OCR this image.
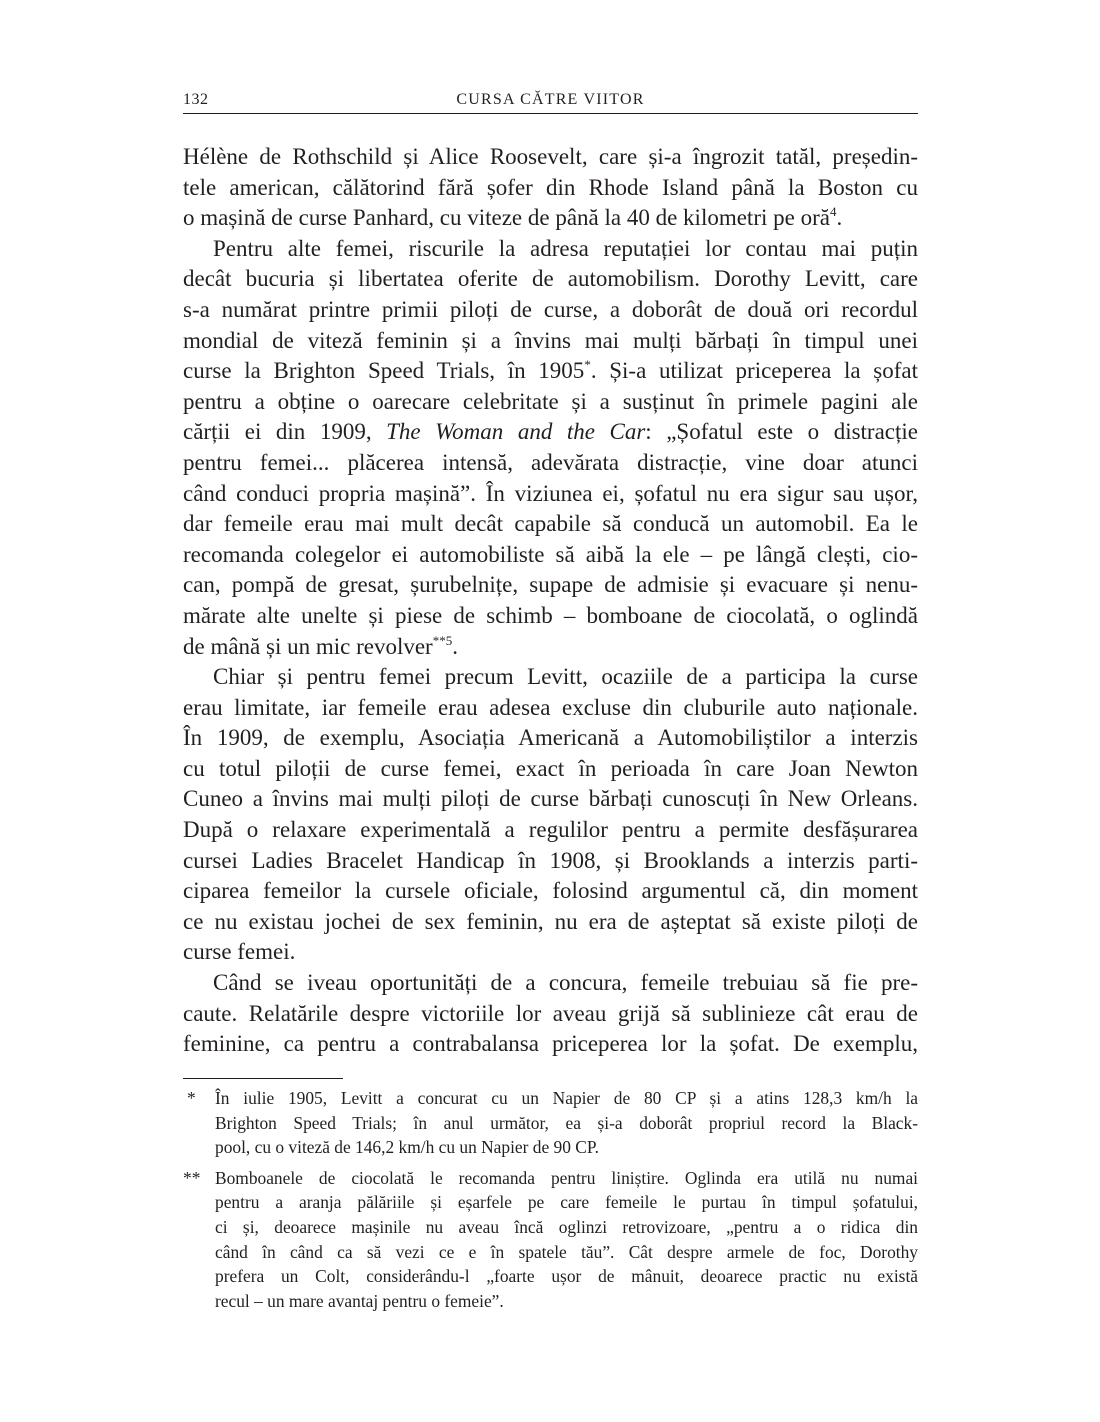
132	CURSA CĂTRE VIITOR
Hélène de Rothschild și Alice Roosevelt, care și-a îngrozit tatăl, președin-
tele american, călătorind fără șofer din Rhode Island până la Boston cu
o mașină de curse Panhard, cu viteze de până la 40 de kilometri pe oră$^4$.
Pentru alte femei, riscurile la adresa reputației lor contau mai puțin
decât bucuria și libertatea oferite de automobilism. Dorothy Levitt, care
s-a numărat printre primii piloți de curse, a doborât de două ori recordul
mondial de viteză feminin și a învins mai mulți bărbați în timpul unei
curse la Brighton Speed Trials, în 1905*. Și-a utilizat priceperea la șofat
pentru a obține o oarecare celebritate și a susținut în primele pagini ale
cărții ei din 1909, The Woman and the Car: „Șofatul este o distracție
pentru femei... plăcerea intensă, adevărata distracție, vine doar atunci
când conduci propria mașină”. În viziunea ei, șofatul nu era sigur sau ușor,
dar femeile erau mai mult decât capabile să conducă un automobil. Ea le
recomanda colegelor ei automobiliste să aibă la ele – pe lângă clești, cio-
can, pompă de gresat, șurubelnițe, supape de admisie și evacuare și nenu-
mărate alte unelte și piese de schimb – bomboane de ciocolată, o oglindă
de mână și un mic revolver$^{**5}$.
Chiar și pentru femei precum Levitt, ocaziile de a participa la curse
erau limitate, iar femeile erau adesea excluse din cluburile auto naționale.
În 1909, de exemplu, Asociația Americană a Automobiliștilor a interzis
cu totul piloții de curse femei, exact în perioada în care Joan Newton
Cuneo a învins mai mulți piloți de curse bărbați cunoscuți în New Orleans.
După o relaxare experimentală a regulilor pentru a permite desfășurarea
cursei Ladies Bracelet Handicap în 1908, și Brooklands a interzis parti-
ciparea femeilor la cursele oficiale, folosind argumentul că, din moment
ce nu existau jochei de sex feminin, nu era de așteptat să existe piloți de
curse femei.
Când se iveau oportunități de a concura, femeile trebuiau să fie pre-
caute. Relatările despre victoriile lor aveau grijă să sublinieze cât erau de
feminine, ca pentru a contrabalansa priceperea lor la șofat. De exemplu,
* În iulie 1905, Levitt a concurat cu un Napier de 80 CP și a atins 128,3 km/h la
Brighton Speed Trials; în anul următor, ea și-a doborât propriul record la Black-
pool, cu o viteză de 146,2 km/h cu un Napier de 90 CP.
** Bomboanele de ciocolată le recomanda pentru liniștire. Oglinda era utilă nu numai
pentru a aranja pălăriile și eșarfele pe care femeile le purtau în timpul șofatului,
ci și, deoarece mașinile nu aveau încă oglinzi retrovizoare, „pentru a o ridica din
când în când ca să vezi ce e în spatele tău”. Cât despre armele de foc, Dorothy
prefera un Colt, considerându-l „foarte ușor de mânuit, deoarece practic nu există
recul – un mare avantaj pentru o femeie”.
